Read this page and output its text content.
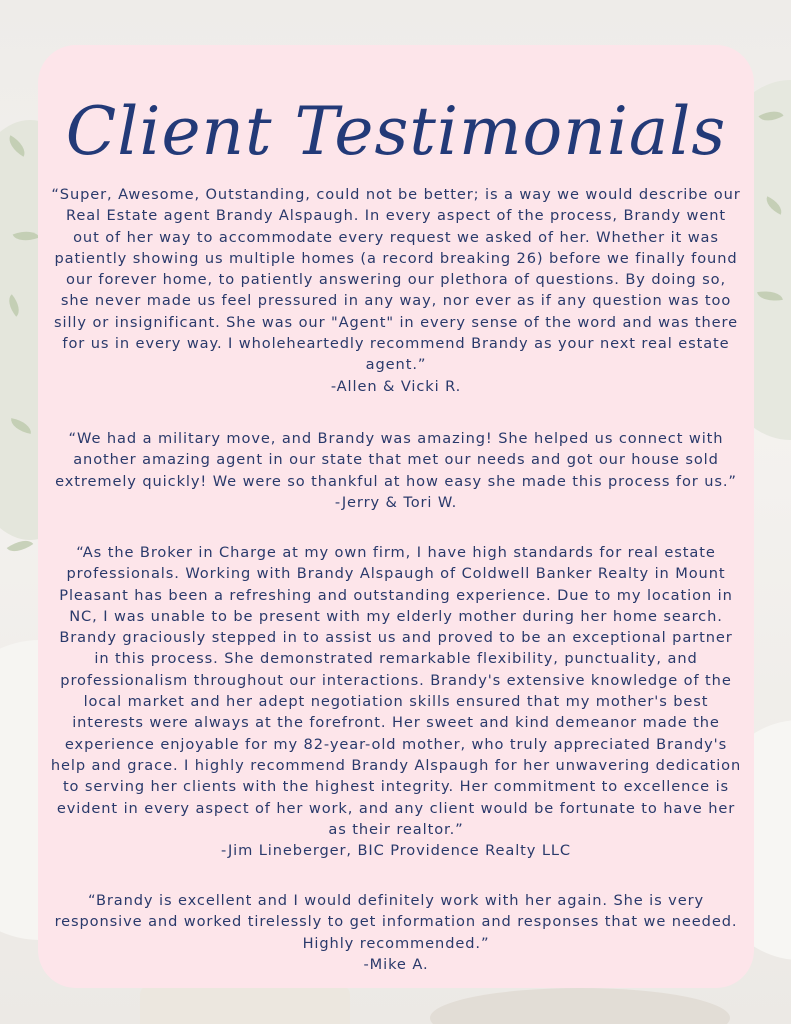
Client Testimonials

“Super, Awesome, Outstanding, could not be better; is a way we would describe our Real Estate agent Brandy Alspaugh. In every aspect of the process, Brandy went out of her way to accommodate every request we asked of her. Whether it was patiently showing us multiple homes (a record breaking 26) before we finally found our forever home, to patiently answering our plethora of questions. By doing so, she never made us feel pressured in any way, nor ever as if any question was too silly or insignificant. She was our "Agent" in every sense of the word and was there for us in every way. I wholeheartedly recommend Brandy as your next real estate agent.”

-Allen & Vicki R.

“We had a military move, and Brandy was amazing! She helped us connect with another amazing agent in our state that met our needs and got our house sold extremely quickly! We were so thankful at how easy she made this process for us.”

-Jerry & Tori W.

“As the Broker in Charge at my own firm, I have high standards for real estate professionals. Working with Brandy Alspaugh of Coldwell Banker Realty in Mount Pleasant has been a refreshing and outstanding experience. Due to my location in NC, I was unable to be present with my elderly mother during her home search. Brandy graciously stepped in to assist us and proved to be an exceptional partner in this process. She demonstrated remarkable flexibility, punctuality, and professionalism throughout our interactions. Brandy's extensive knowledge of the local market and her adept negotiation skills ensured that my mother's best interests were always at the forefront. Her sweet and kind demeanor made the experience enjoyable for my 82-year-old mother, who truly appreciated Brandy's help and grace. I highly recommend Brandy Alspaugh for her unwavering dedication to serving her clients with the highest integrity. Her commitment to excellence is evident in every aspect of her work, and any client would be fortunate to have her as their realtor.”

-Jim Lineberger, BIC Providence Realty LLC

“Brandy is excellent and I would definitely work with her again. She is very responsive and worked tirelessly to get information and responses that we needed. Highly recommended.”

-Mike A.
